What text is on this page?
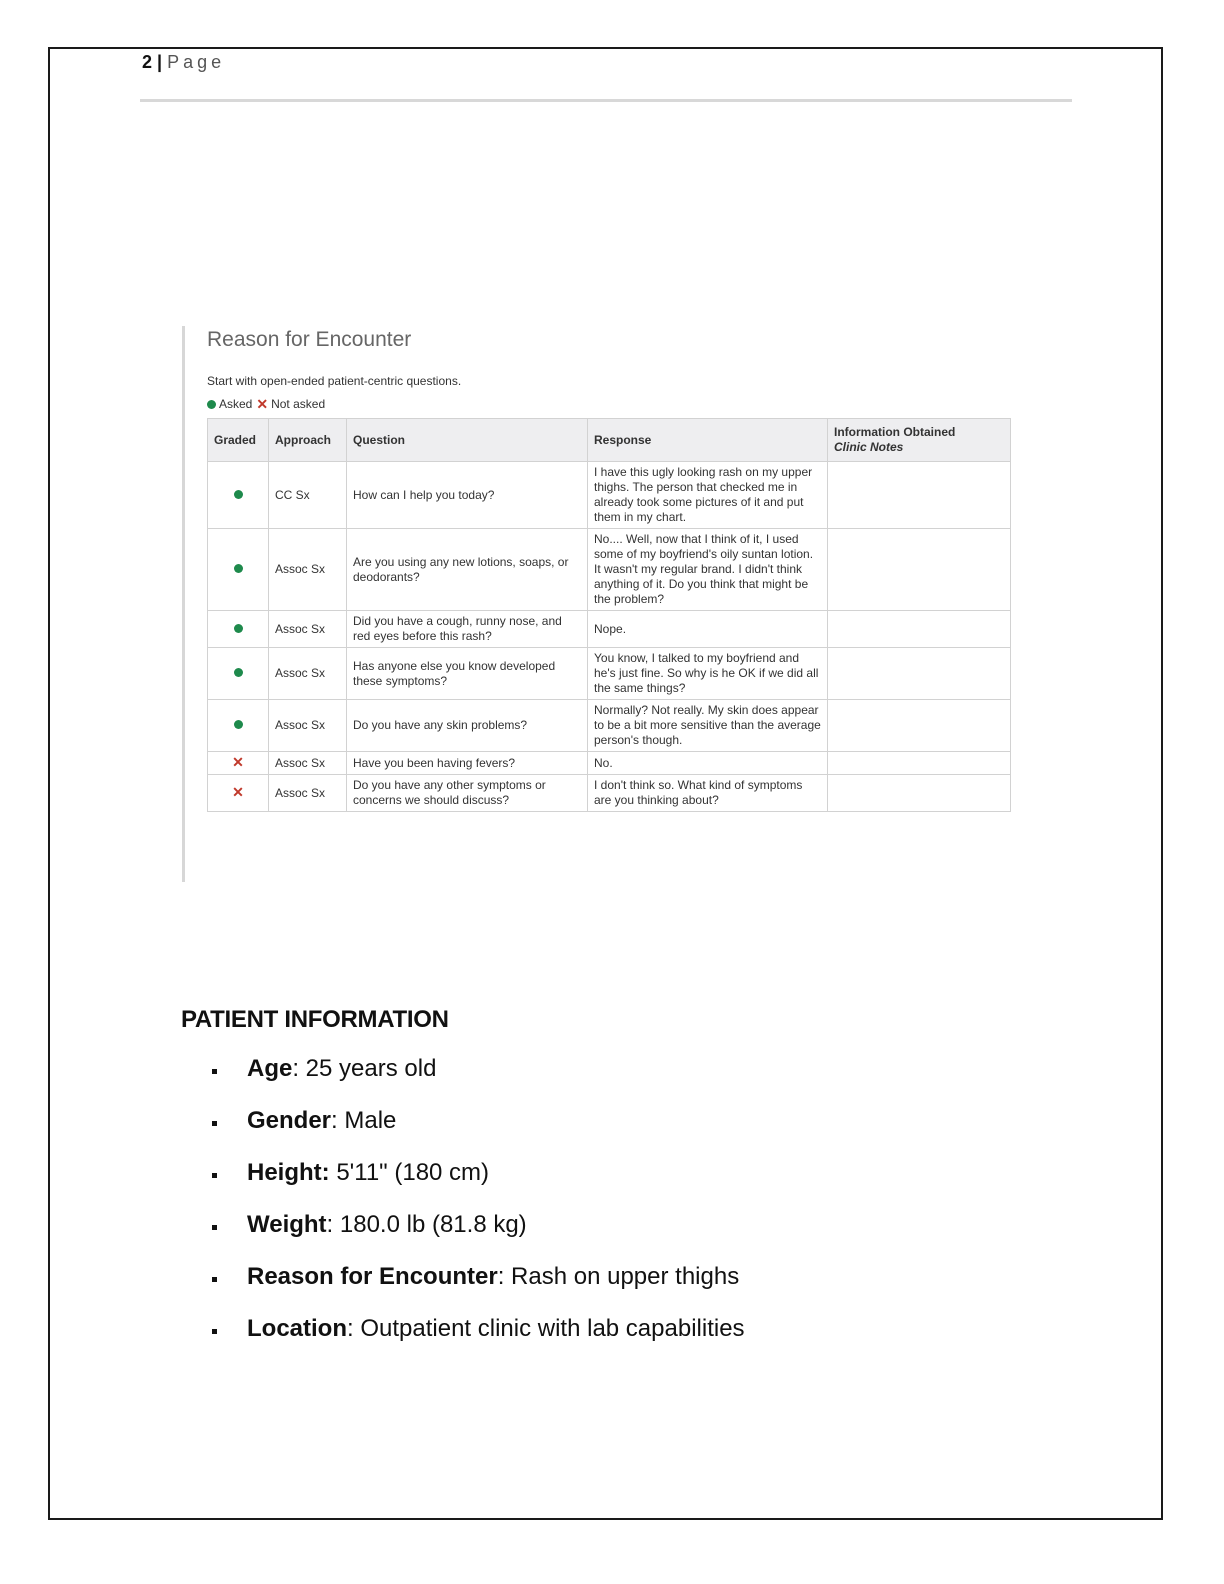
2 | Page
Reason for Encounter
Start with open-ended patient-centric questions.
Asked ✕ Not asked
Graded	Approach	Question	Response	Information Obtained
Clinic Notes

	CC Sx	How can I help you today?	I have this ugly looking rash on my upper thighs. The person that checked me in already took some pictures of it and put them in my chart.	
	Assoc Sx	Are you using any new lotions, soaps, or deodorants?	No.... Well, now that I think of it, I used some of my boyfriend's oily suntan lotion. It wasn't my regular brand. I didn't think anything of it. Do you think that might be the problem?	
	Assoc Sx	Did you have a cough, runny nose, and red eyes before this rash?	Nope.	
	Assoc Sx	Has anyone else you know developed these symptoms?	You know, I talked to my boyfriend and he's just fine. So why is he OK if we did all the same things?	
	Assoc Sx	Do you have any skin problems?	Normally? Not really. My skin does appear to be a bit more sensitive than the average person's though.	
✕	Assoc Sx	Have you been having fevers?	No.	
✕	Assoc Sx	Do you have any other symptoms or concerns we should discuss?	I don't think so. What kind of symptoms are you thinking about?	
PATIENT INFORMATION
Age: 25 years old
Gender: Male
Height: 5'11" (180 cm)
Weight: 180.0 lb (81.8 kg)
Reason for Encounter: Rash on upper thighs
Location: Outpatient clinic with lab capabilities
